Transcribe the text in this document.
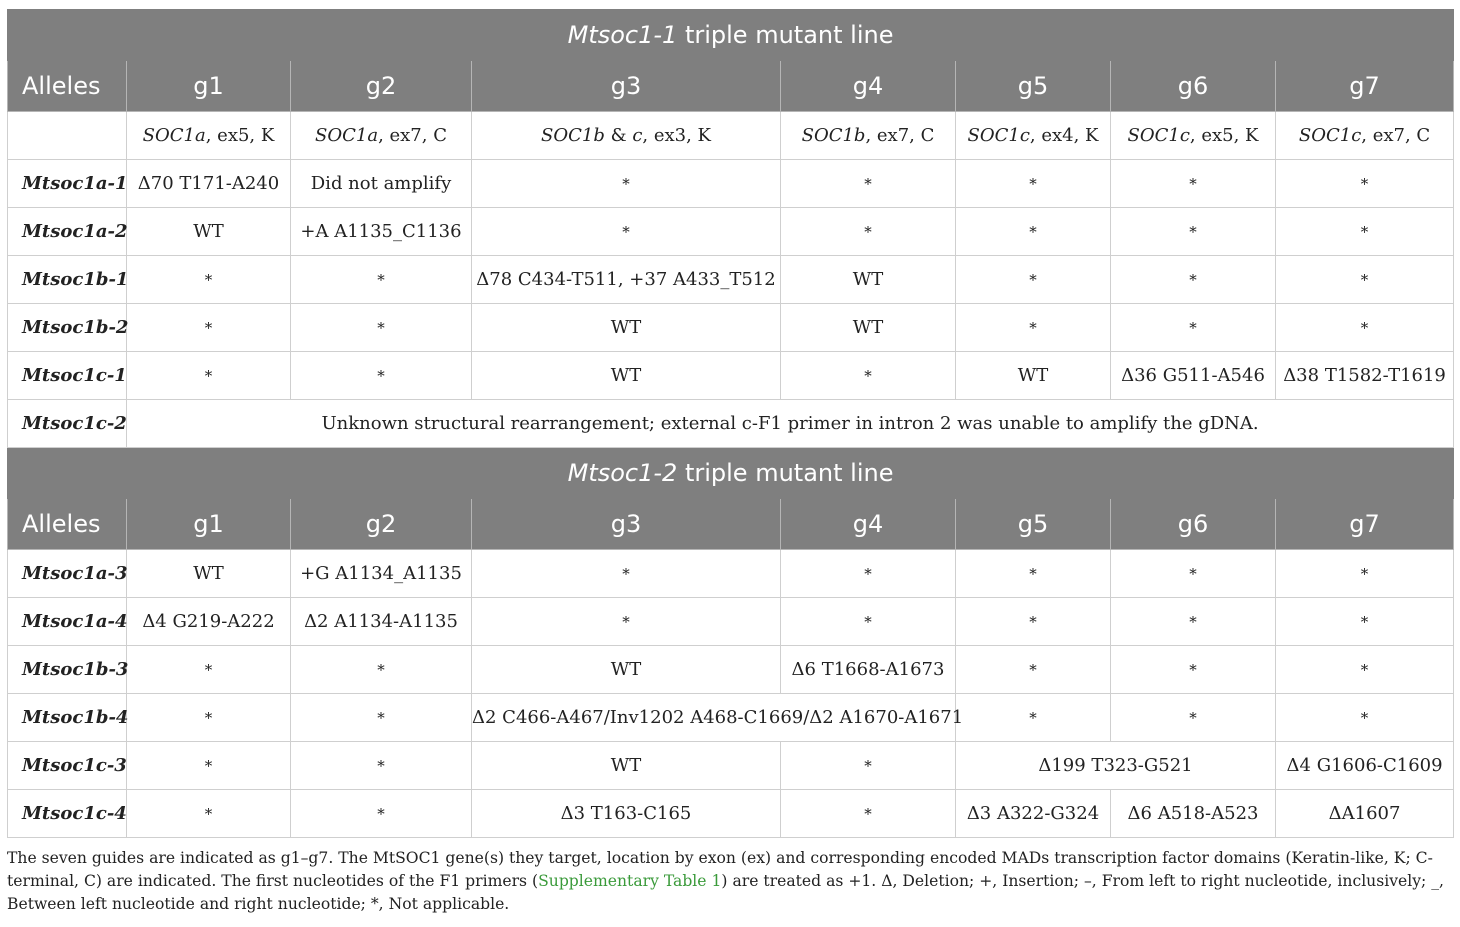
Mtsoc1-1 triple mutant line							
Alleles	g1	g2	g3	g4	g5	g6	g7
	SOC1a, ex5, K	SOC1a, ex7, C	SOC1b & c, ex3, K	SOC1b, ex7, C	SOC1c, ex4, K	SOC1c, ex5, K	SOC1c, ex7, C
Mtsoc1a-1	Δ70 T171-A240	Did not amplify	*	*	*	*	*
Mtsoc1a-2	WT	+A A1135_C1136	*	*	*	*	*
Mtsoc1b-1	*	*	Δ78 C434-T511, +37 A433_T512	WT	*	*	*
Mtsoc1b-2	*	*	WT	WT	*	*	*
Mtsoc1c-1	*	*	WT	*	WT	Δ36 G511-A546	Δ38 T1582-T1619
Mtsoc1c-2	Unknown structural rearrangement; external c-F1 primer in intron 2 was unable to amplify the gDNA.						
Mtsoc1-2 triple mutant line							
Alleles	g1	g2	g3	g4	g5	g6	g7
Mtsoc1a-3	WT	+G A1134_A1135	*	*	*	*	*
Mtsoc1a-4	Δ4 G219-A222	Δ2 A1134-A1135	*	*	*	*	*
Mtsoc1b-3	*	*	WT	Δ6 T1668-A1673	*	*	*
Mtsoc1b-4	*	*	Δ2 C466-A467/Inv1202 A468-C1669/Δ2 A1670-A1671		*	*	*
Mtsoc1c-3	*	*	WT	*	Δ199 T323-G521		Δ4 G1606-C1609
Mtsoc1c-4	*	*	Δ3 T163-C165	*	Δ3 A322-G324	Δ6 A518-A523	ΔA1607
The seven guides are indicated as g1–g7. The MtSOC1 gene(s) they target, location by exon (ex) and corresponding encoded MADs transcription factor domains (Keratin-like, K; C-terminal, C) are indicated. The first nucleotides of the F1 primers (Supplementary Table 1) are treated as +1. Δ, Deletion; +, Insertion; –, From left to right nucleotide, inclusively; _, Between left nucleotide and right nucleotide; *, Not applicable.
